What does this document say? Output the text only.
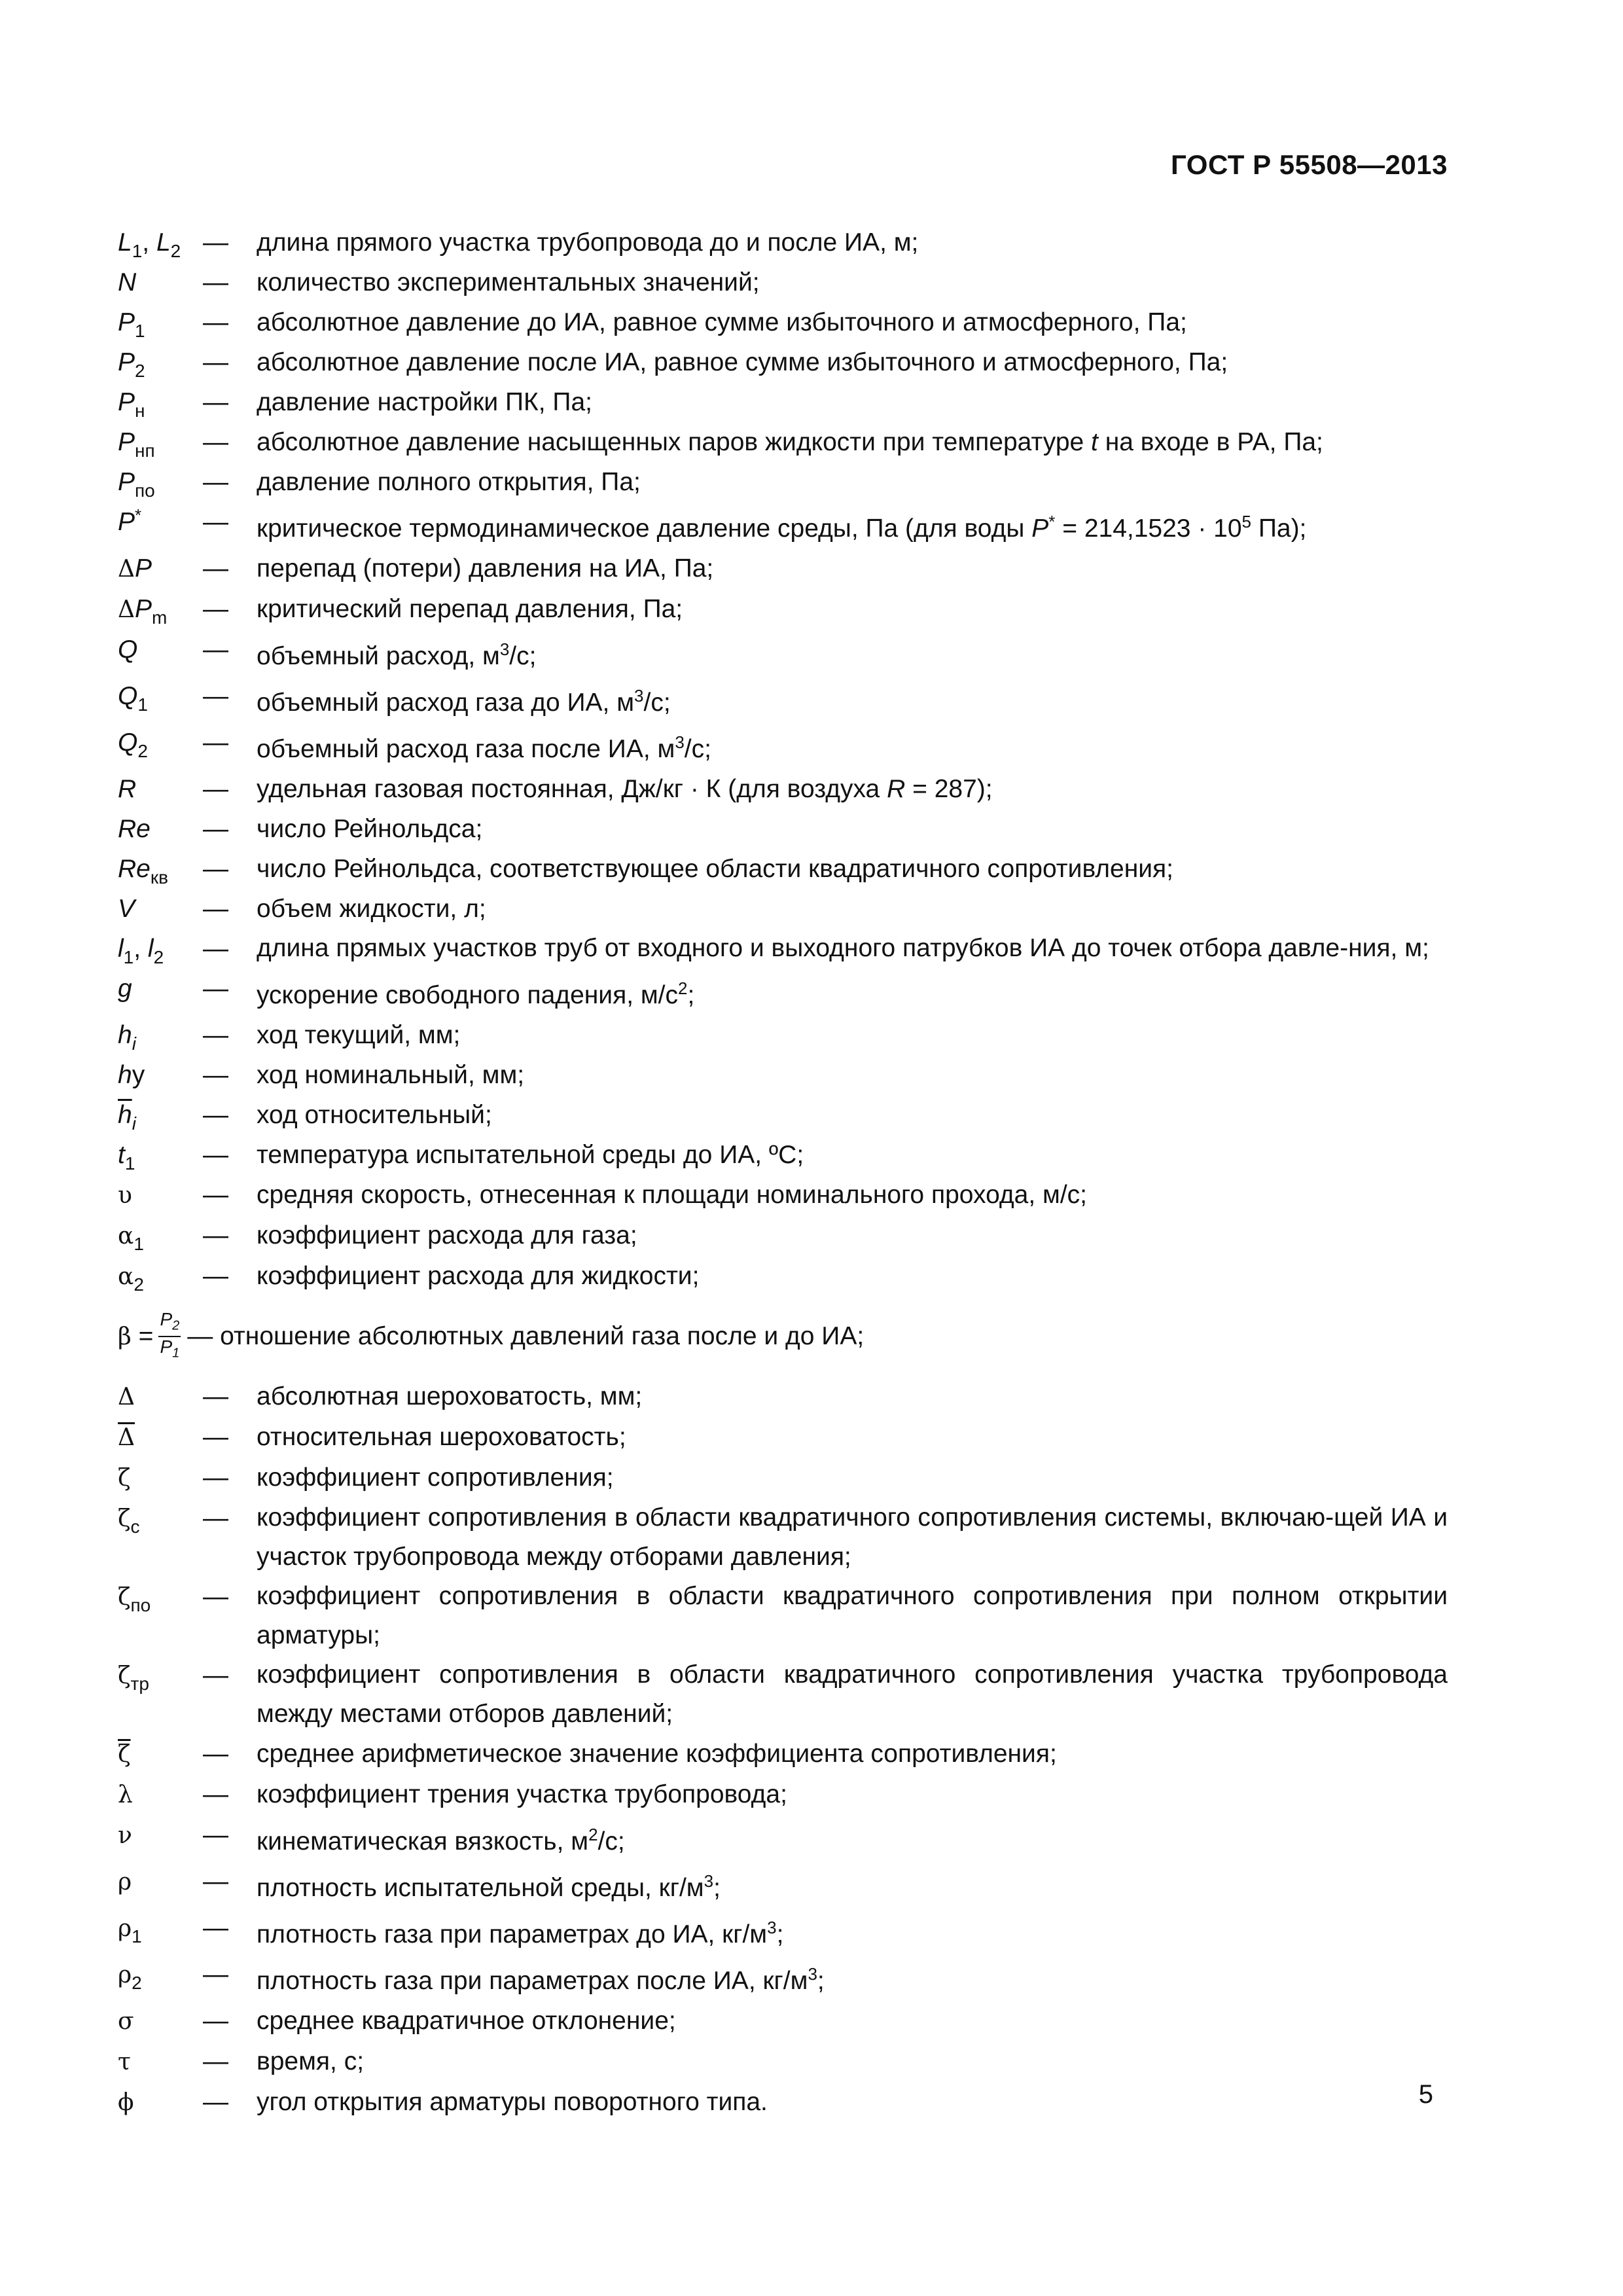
ГОСТ Р 55508—2013
$L_1$, $L_2$ —	длина прямого участка трубопровода до и после ИА, м;
N	—	количество экспериментальных значений;
$P_1$	—	абсолютное давление до ИА, равное сумме избыточного и атмосферного, Па;
$P_2$	—	абсолютное давление после ИА, равное сумме избыточного и атмосферного, Па;
$P_н$	—	давление настройки ПК, Па;
$P_{нп}$	—	абсолютное давление насыщенных паров жидкости при температуре t на входе в РА, Па;
$P_{по}$	—	давление полного открытия, Па;
P*	—	критическое термодинамическое давление среды, Па (для воды $P^* = 214,1523 \cdot 10^5$ Па);
ΔP	—	перепад (потери) давления на ИА, Па;
$\Delta P_m$	—	критический перепад давления, Па;
Q	—	объемный расход, $м^3/с$;
$Q_1$	—	объемный расход газа до ИА, $м^3/с$;
$Q_2$	—	объемный расход газа после ИА, $м^3/с$;
R	—	удельная газовая постоянная, Дж/кг · К (для воздуха R = 287);
Re	—	число Рейнольдса;
$Re_{кв}$	—	число Рейнольдса, соответствующее области квадратичного сопротивления;
V	—	объем жидкости, л;
$l_1$, $l_2$	—	длина прямых участков труб от входного и выходного патрубков ИА до точек отбора давле-ния, м;
g	—	ускорение свободного падения, $м/с^2$;
$h_i$	—	ход текущий, мм;
hy	—	ход номинальный, мм;
$\overline{h}_i$	—	ход относительный;
$t_1$	—	температура испытательной среды до ИА, ºС;
υ	—	средняя скорость, отнесенная к площади номинального прохода, м/с;
$\alpha_1$	—	коэффициент расхода для газа;
$\alpha_2$	—	коэффициент расхода для жидкости;
$\beta = \frac{P_2}{P_1}$ — отношение абсолютных давлений газа после и до ИА;
Δ	—	абсолютная шероховатость, мм;
$\overline{\Delta}$	—	относительная шероховатость;
ζ	—	коэффициент сопротивления;
$\zeta_c$	—	коэффициент сопротивления в области квадратичного сопротивления системы, включаю-щей ИА и участок трубопровода между отборами давления;
$\zeta_{по}$	—	коэффициент сопротивления в области квадратичного сопротивления при полном открытии арматуры;
$\zeta_{тр}$	—	коэффициент сопротивления в области квадратичного сопротивления участка трубопровода между местами отборов давлений;
$\overline{\zeta}$	—	среднее арифметическое значение коэффициента сопротивления;
λ	—	коэффициент трения участка трубопровода;
ν	—	кинематическая вязкость, $м^2/с$;
ρ	—	плотность испытательной среды, $кг/м^3$;
$\rho_1$	—	плотность газа при параметрах до ИА, $кг/м^3$;
$\rho_2$	—	плотность газа при параметрах после ИА, $кг/м^3$;
σ	—	среднее квадратичное отклонение;
τ	—	время, с;
ϕ	—	угол открытия арматуры поворотного типа.	5
